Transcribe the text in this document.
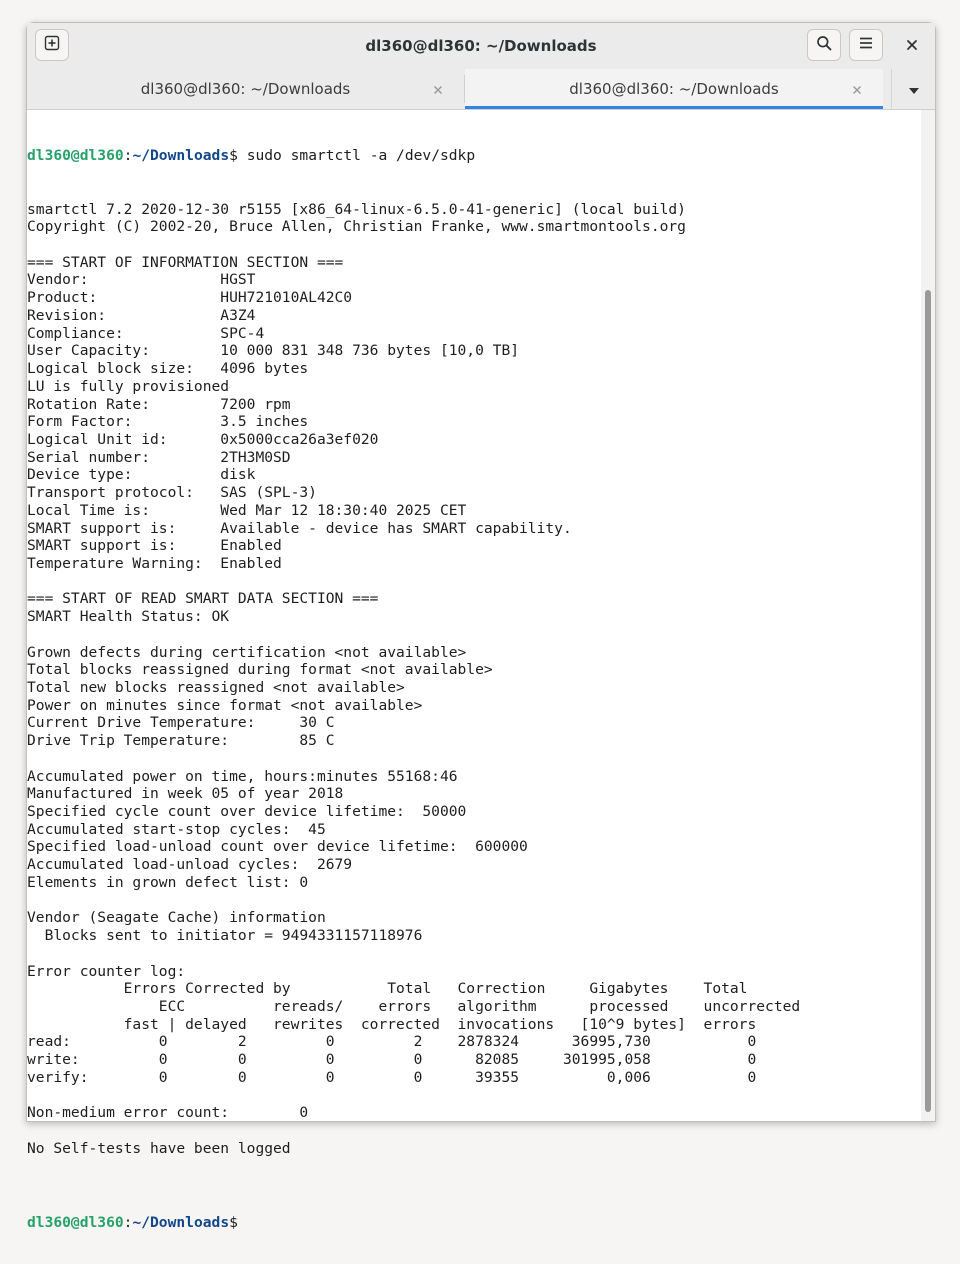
dl360@dl360: ~/Downloads
dl360@dl360: ~/Downloads	dl360@dl360: ~/Downloads

dl360@dl360:~/Downloads$ sudo smartctl -a /dev/sdkp

smartctl 7.2 2020-12-30 r5155 [x86_64-linux-6.5.0-41-generic] (local build)
Copyright (C) 2002-20, Bruce Allen, Christian Franke, www.smartmontools.org
=== START OF INFORMATION SECTION ===
Vendor:               HGST
Product:              HUH721010AL42C0
Revision:             A3Z4
Compliance:           SPC-4
User Capacity:        10 000 831 348 736 bytes [10,0 TB]
Logical block size:   4096 bytes
LU is fully provisioned
Rotation Rate:        7200 rpm
Form Factor:          3.5 inches
Logical Unit id:      0x5000cca26a3ef020
Serial number:        2TH3M0SD
Device type:          disk
Transport protocol:   SAS (SPL-3)
Local Time is:        Wed Mar 12 18:30:40 2025 CET
SMART support is:     Available - device has SMART capability.
SMART support is:     Enabled
Temperature Warning:  Enabled
=== START OF READ SMART DATA SECTION ===
SMART Health Status: OK
Grown defects during certification <not available>
Total blocks reassigned during format <not available>
Total new blocks reassigned <not available>
Power on minutes since format <not available>
Current Drive Temperature:     30 C
Drive Trip Temperature:        85 C
Accumulated power on time, hours:minutes 55168:46
Manufactured in week 05 of year 2018
Specified cycle count over device lifetime:  50000
Accumulated start-stop cycles:  45
Specified load-unload count over device lifetime:  600000
Accumulated load-unload cycles:  2679
Elements in grown defect list: 0
Vendor (Seagate Cache) information
Blocks sent to initiator = 9494331157118976
Error counter log:
Errors Corrected by           Total   Correction     Gigabytes    Total
ECC          rereads/    errors   algorithm      processed    uncorrected
fast | delayed   rewrites  corrected  invocations   [10^9 bytes]  errors
read:          0        2         0         2    2878324      36995,730           0
write:         0        0         0         0      82085     301995,058           0
verify:        0        0         0         0      39355          0,006           0
Non-medium error count:        0
No Self-tests have been logged

dl360@dl360:~/Downloads$
